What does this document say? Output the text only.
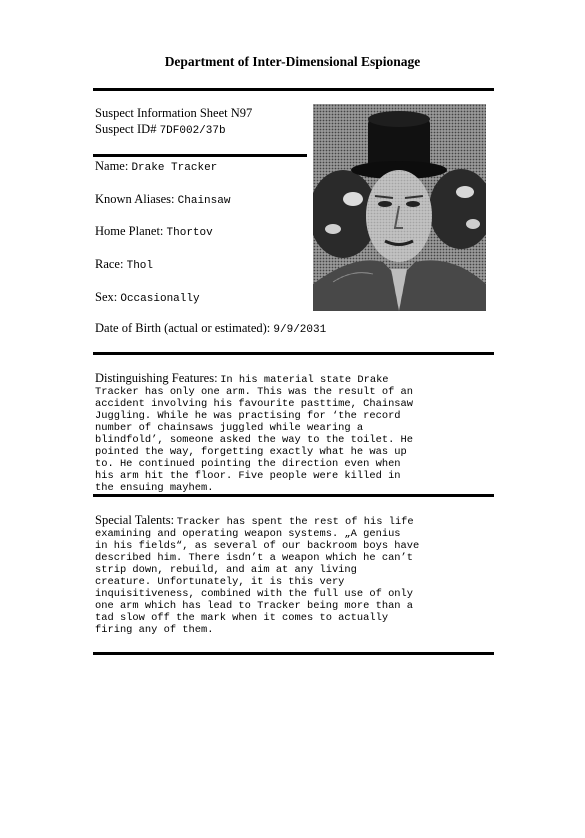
Department of Inter-Dimensional Espionage
Suspect Information Sheet N97
Suspect ID# 7DF002/37b
Name: Drake Tracker
Known Aliases: Chainsaw
Home Planet: Thortov
Race: Thol
Sex: Occasionally
Date of Birth (actual or estimated): 9/9/2031
Distinguishing Features: In his material state Drake
Tracker has only one arm. This was the result of an
accident involving his favourite pasttime, Chainsaw
Juggling. While he was practising for ‘the record
number of chainsaws juggled while wearing a
blindfold’, someone asked the way to the toilet. He
pointed the way, forgetting exactly what he was up
to. He continued pointing the direction even when
his arm hit the floor. Five people were killed in
the ensuing mayhem.
Special Talents: Tracker has spent the rest of his life
examining and operating weapon systems. „A genius
in his fields“, as several of our backroom boys have
described him. There isdn’t a weapon which he can’t
strip down, rebuild, and aim at any living
creature. Unfortunately, it is this very
inquisitiveness, combined with the full use of only
one arm which has lead to Tracker being more than a
tad slow off the mark when it comes to actually
firing any of them.
